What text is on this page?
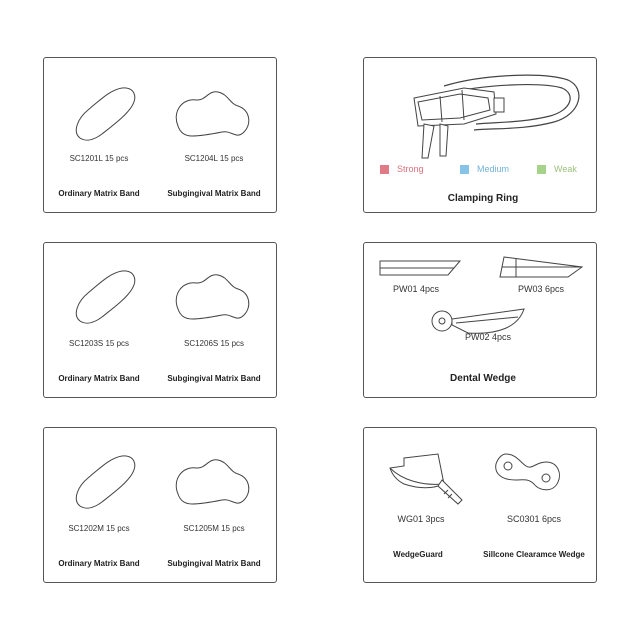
SC1201L 15 pcs
Ordinary Matrix Band
SC1204L 15 pcs
Subgingival Matrix Band
SC1203S 15 pcs
Ordinary Matrix Band
SC1206S 15 pcs
Subgingival Matrix Band
SC1202M 15 pcs
Ordinary Matrix Band
SC1205M 15 pcs
Subgingival Matrix Band
Strong	Medium	Weak
Clamping Ring
PW01 4pcs	PW03 6pcs
PW02 4pcs
Dental Wedge
WG01 3pcs
WedgeGuard
SC0301 6pcs
Sillcone Clearamce Wedge
